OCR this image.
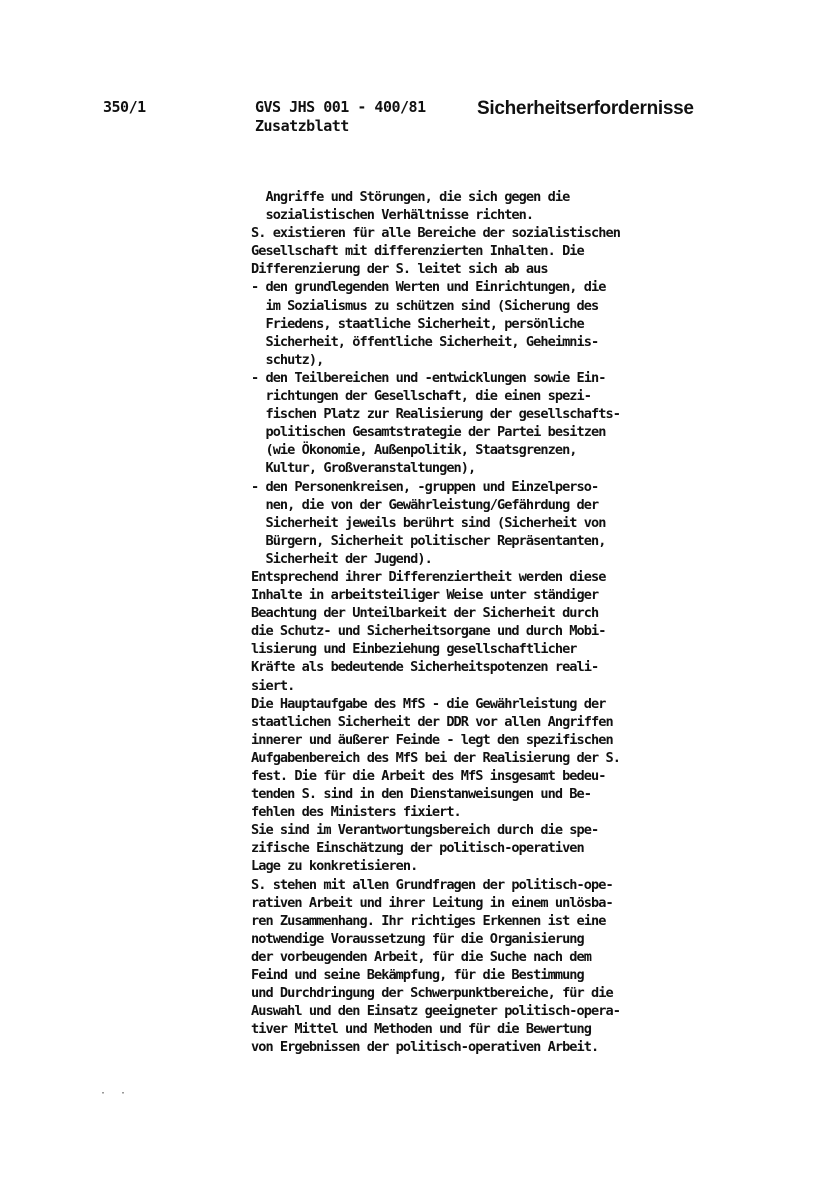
350/1	GVS JHS 001 - 400/81
Zusatzblatt
Sicherheitserfordernisse
Angriffe und Störungen, die sich gegen die
sozialistischen Verhältnisse richten.
S. existieren für alle Bereiche der sozialistischen
Gesellschaft mit differenzierten Inhalten. Die
Differenzierung der S. leitet sich ab aus
- den grundlegenden Werten und Einrichtungen, die
im Sozialismus zu schützen sind (Sicherung des
Friedens, staatliche Sicherheit, persönliche
Sicherheit, öffentliche Sicherheit, Geheimnis-
schutz),
- den Teilbereichen und -entwicklungen sowie Ein-
richtungen der Gesellschaft, die einen spezi-
fischen Platz zur Realisierung der gesellschafts-
politischen Gesamtstrategie der Partei besitzen
(wie Ökonomie, Außenpolitik, Staatsgrenzen,
Kultur, Großveranstaltungen),
- den Personenkreisen, -gruppen und Einzelperso-
nen, die von der Gewährleistung/Gefährdung der
Sicherheit jeweils berührt sind (Sicherheit von
Bürgern, Sicherheit politischer Repräsentanten,
Sicherheit der Jugend).
Entsprechend ihrer Differenziertheit werden diese
Inhalte in arbeitsteiliger Weise unter ständiger
Beachtung der Unteilbarkeit der Sicherheit durch
die Schutz- und Sicherheitsorgane und durch Mobi-
lisierung und Einbeziehung gesellschaftlicher
Kräfte als bedeutende Sicherheitspotenzen reali-
siert.
Die Hauptaufgabe des MfS - die Gewährleistung der
staatlichen Sicherheit der DDR vor allen Angriffen
innerer und äußerer Feinde - legt den spezifischen
Aufgabenbereich des MfS bei der Realisierung der S.
fest. Die für die Arbeit des MfS insgesamt bedeu-
tenden S. sind in den Dienstanweisungen und Be-
fehlen des Ministers fixiert.
Sie sind im Verantwortungsbereich durch die spe-
zifische Einschätzung der politisch-operativen
Lage zu konkretisieren.
S. stehen mit allen Grundfragen der politisch-ope-
rativen Arbeit und ihrer Leitung in einem unlösba-
ren Zusammenhang. Ihr richtiges Erkennen ist eine
notwendige Voraussetzung für die Organisierung
der vorbeugenden Arbeit, für die Suche nach dem
Feind und seine Bekämpfung, für die Bestimmung
und Durchdringung der Schwerpunktbereiche, für die
Auswahl und den Einsatz geeigneter politisch-opera-
tiver Mittel und Methoden und für die Bewertung
von Ergebnissen der politisch-operativen Arbeit.
· ·
